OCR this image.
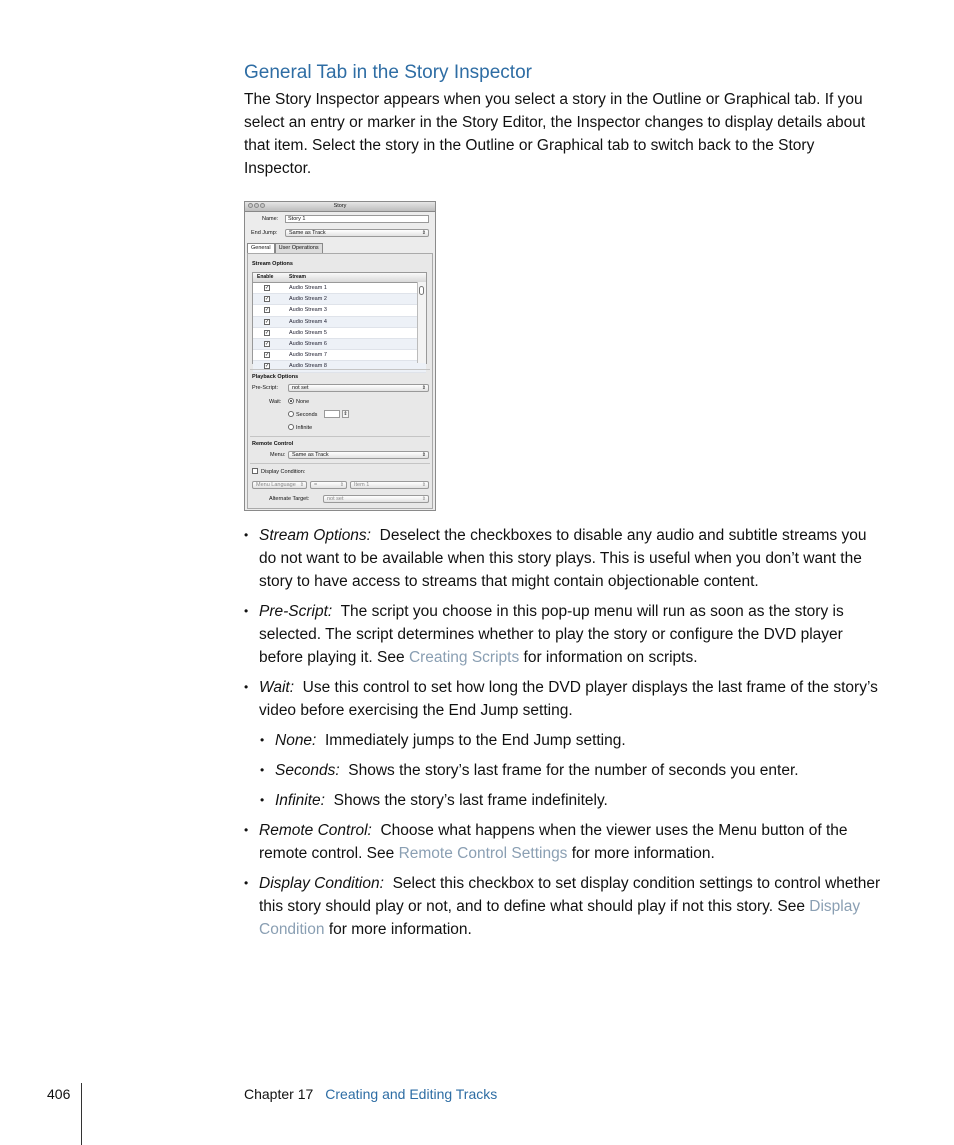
General Tab in the Story Inspector

The Story Inspector appears when you select a story in the Outline or Graphical tab. If you select an entry or marker in the Story Editor, the Inspector changes to display details about that item. Select the story in the Outline or Graphical tab to switch back to the Story Inspector.

Story
Name:	Story 1
End Jump:	Same as Track	⇕
General User Operations
Stream Options
Enable	Stream
✓	Audio Stream 1
✓	Audio Stream 2
✓	Audio Stream 3
✓	Audio Stream 4
✓	Audio Stream 5
✓	Audio Stream 6
✓	Audio Stream 7
✓	Audio Stream 8
Playback Options
Pre-Script:	not set	⇕
Wait:	None
Seconds	⇕
Infinite
Remote Control
Menu:	Same as Track	⇕
Display Condition:
Menu Language ⇕	=	⇕	Item 1	⇕
Alternate Target:	not set	⇕

• Stream Options: Deselect the checkboxes to disable any audio and subtitle streams you do not want to be available when this story plays. This is useful when you don’t want the story to have access to streams that might contain objectionable content.

• Pre-Script: The script you choose in this pop-up menu will run as soon as the story is selected. The script determines whether to play the story or configure the DVD player before playing it. See Creating Scripts for information on scripts.

• Wait: Use this control to set how long the DVD player displays the last frame of the story’s video before exercising the End Jump setting.

• None: Immediately jumps to the End Jump setting.

• Seconds: Shows the story’s last frame for the number of seconds you enter.

• Infinite: Shows the story’s last frame indefinitely.

• Remote Control: Choose what happens when the viewer uses the Menu button of the remote control. See Remote Control Settings for more information.

• Display Condition: Select this checkbox to set display condition settings to control whether this story should play or not, and to define what should play if not this story. See Display Condition for more information.

406	Chapter 17 Creating and Editing Tracks
